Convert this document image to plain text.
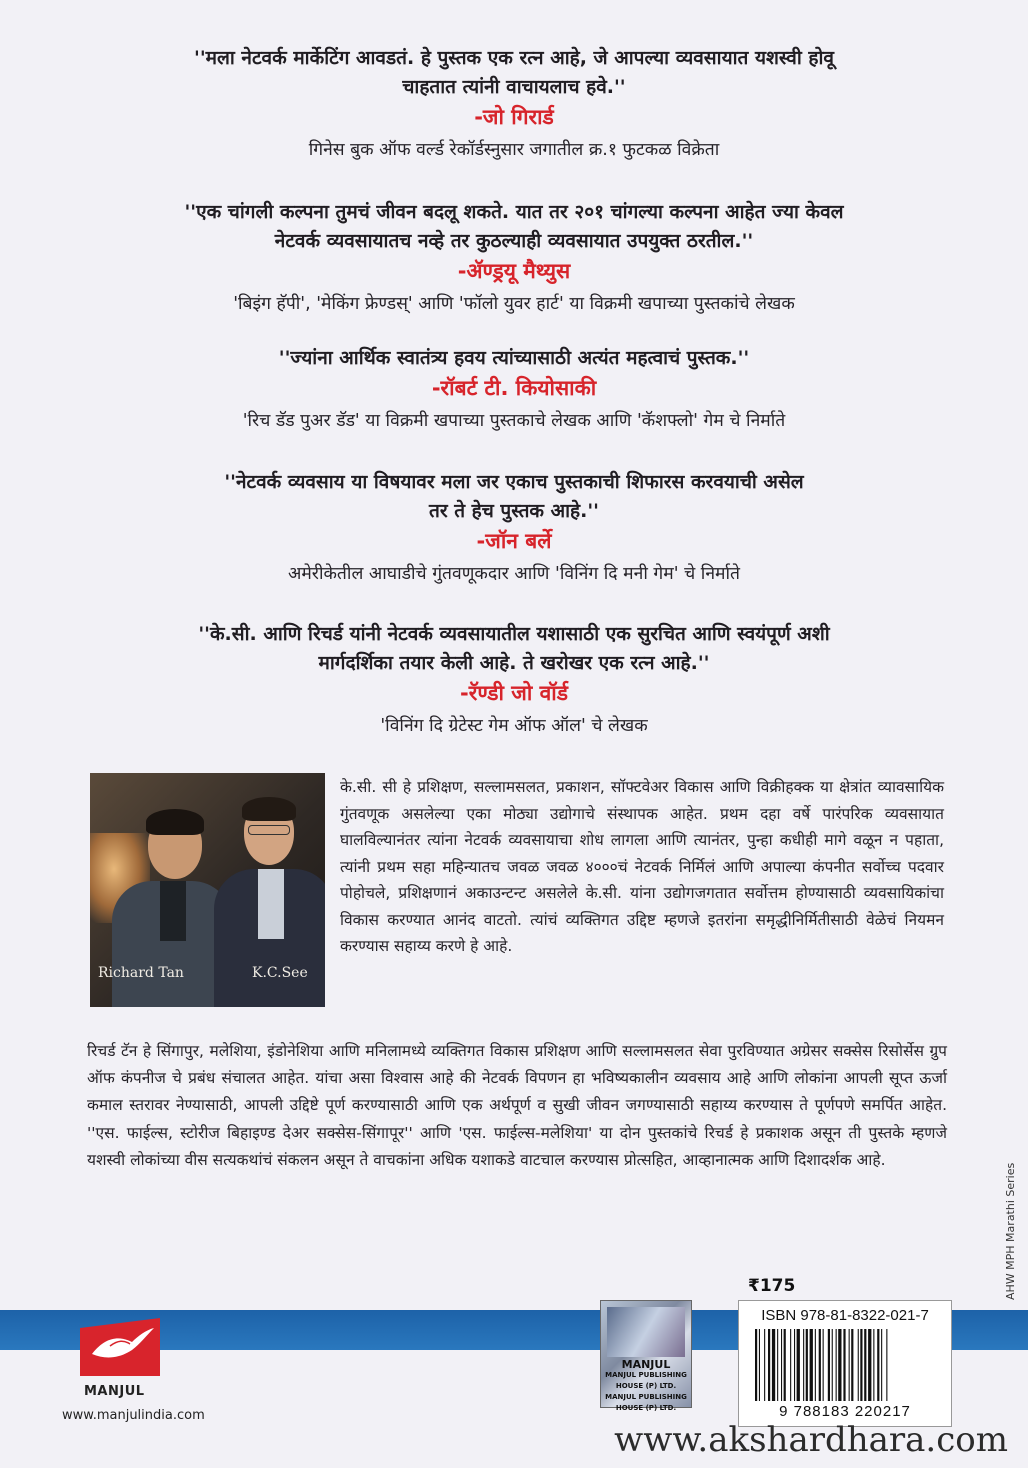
''मला नेटवर्क मार्केटिंग आवडतं. हे पुस्तक एक रत्न आहे, जे आपल्या व्यवसायात यशस्वी होवू
चाहतात त्यांनी वाचायलाच हवे.''
-जो गिरार्ड
गिनेस बुक ऑफ वर्ल्ड रेकॉर्डस्नुसार जगातील क्र.१ फुटकळ विक्रेता
''एक चांगली कल्पना तुमचं जीवन बदलू शकते. यात तर २०१ चांगल्या कल्पना आहेत ज्या केवल
नेटवर्क व्यवसायातच नव्हे तर कुठल्याही व्यवसायात उपयुक्त ठरतील.''
-ॲण्ड्रयू मैथ्युस
'बिइंग हॅपी', 'मेकिंग फ्रेण्डस्' आणि 'फॉलो युवर हार्ट' या विक्रमी खपाच्या पुस्तकांचे लेखक
''ज्यांना आर्थिक स्वातंत्र्य हवय त्यांच्यासाठी अत्यंत महत्वाचं पुस्तक.''
-रॉबर्ट टी. कियोसाकी
'रिच डॅड पुअर डॅड' या विक्रमी खपाच्या पुस्तकाचे लेखक आणि 'कॅशफ्लो' गेम चे निर्माते
''नेटवर्क व्यवसाय या विषयावर मला जर एकाच पुस्तकाची शिफारस करवयाची असेल
तर ते हेच पुस्तक आहे.''
-जॉन बर्ले
अमेरीकेतील आघाडीचे गुंतवणूकदार आणि 'विनिंग दि मनी गेम' चे निर्माते
''के.सी. आणि रिचर्ड यांनी नेटवर्क व्यवसायातील यशासाठी एक सुरचित आणि स्वयंपूर्ण अशी
मार्गदर्शिका तयार केली आहे. ते खरोखर एक रत्न आहे.''
-रॅण्डी जो वॉर्ड
'विनिंग दि ग्रेटेस्ट गेम ऑफ ऑल' चे लेखक
Richard Tan	K.C.See
के.सी. सी हे प्रशिक्षण, सल्लामसलत, प्रकाशन, सॉफ्टवेअर विकास आणि विक्रीहक्क या क्षेत्रांत व्यावसायिक गुंतवणूक असलेल्या एका मोठ्या उद्योगाचे संस्थापक आहेत. प्रथम दहा वर्षे पारंपरिक व्यवसायात घालविल्यानंतर त्यांना नेटवर्क व्यवसायाचा शोध लागला आणि त्यानंतर, पुन्हा कधीही मागे वळून न पहाता, त्यांनी प्रथम सहा महिन्यातच जवळ जवळ ४०००चं नेटवर्क निर्मिलं आणि अपाल्या कंपनीत सर्वोच्च पदवार पोहोचले, प्रशिक्षणानं अकाउन्टन्ट असलेले के.सी. यांना उद्योगजगतात सर्वोत्तम होण्यासाठी व्यवसायिकांचा विकास करण्यात आनंद वाटतो. त्यांचं व्यक्तिगत उद्दिष्ट म्हणजे इतरांना समृद्धीनिर्मितीसाठी वेळेचं नियमन करण्यास सहाय्य करणे हे आहे.
रिचर्ड टॅन हे सिंगापुर, मलेशिया, इंडोनेशिया आणि मनिलामध्ये व्यक्तिगत विकास प्रशिक्षण आणि सल्लामसलत सेवा पुरविण्यात अग्रेसर सक्सेस रिसोर्सेस ग्रुप ऑफ कंपनीज चे प्रबंध संचालत आहेत. यांचा असा विश्वास आहे की नेटवर्क विपणन हा भविष्यकालीन व्यवसाय आहे आणि लोकांना आपली सूप्त ऊर्जा कमाल स्तरावर नेण्यासाठी, आपली उद्दिष्टे पूर्ण करण्यासाठी आणि एक अर्थपूर्ण व सुखी जीवन जगण्यासाठी सहाय्य करण्यास ते पूर्णपणे समर्पित आहेत. ''एस. फाईल्स, स्टोरीज बिहाइण्ड देअर सक्सेस-सिंगापूर'' आणि 'एस. फाईल्स-मलेशिया' या दोन पुस्तकांचे रिचर्ड हे प्रकाशक असून ती पुस्तके म्हणजे यशस्वी लोकांच्या वीस सत्यकथांचं संकलन असून ते वाचकांना अधिक यशाकडे वाटचाल करण्यास प्रोत्सहित, आव्हानात्मक आणि दिशादर्शक आहे.
₹175	AHW MPH Marathi Series
MANJUL
www.manjulindia.com
MANJUL
MANJUL PUBLISHING HOUSE (P) LTD.
MANJUL PUBLISHING HOUSE (P) LTD.
ISBN 978-81-8322-021-7
9 788183 220217
www.akshardhara.com
